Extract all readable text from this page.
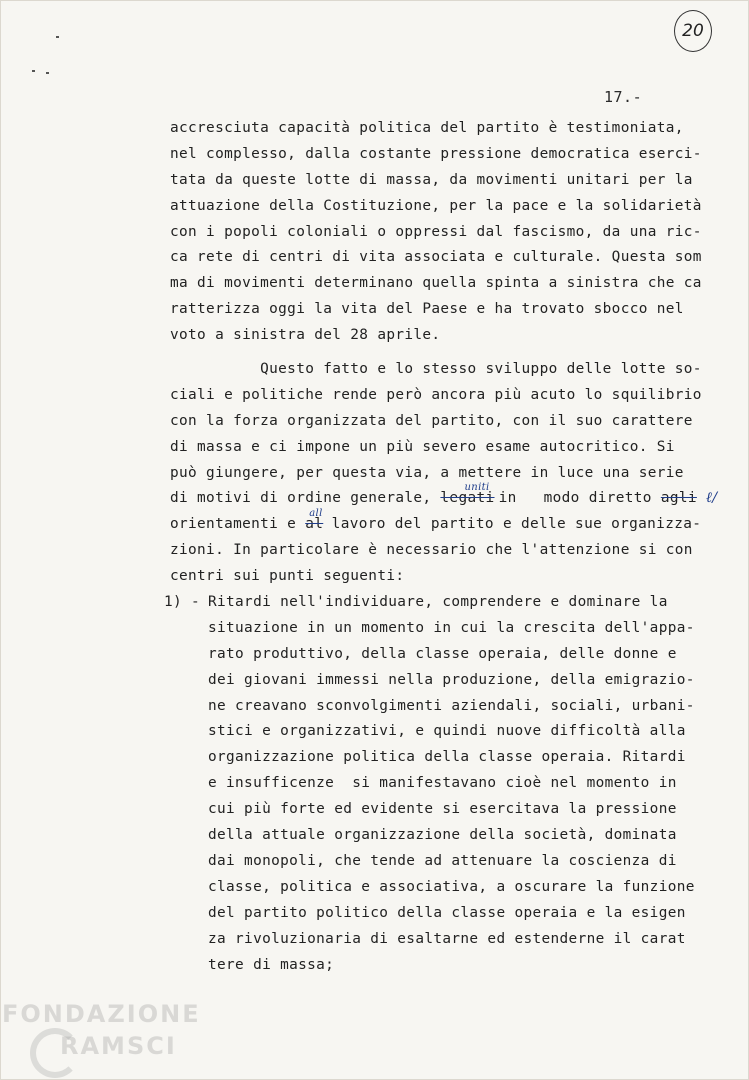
20
17.-
accresciuta capacità politica del partito è testimoniata,
nel complesso, dalla costante pressione democratica eserci-
tata da queste lotte di massa, da movimenti unitari per la
attuazione della Costituzione, per la pace e la solidarietà
con i popoli coloniali o oppressi dal fascismo, da una ric-
ca rete di centri di vita associata e culturale. Questa som
ma di movimenti determinano quella spinta a sinistra che ca
ratterizza oggi la vita del Paese e ha trovato sbocco nel
voto a sinistra del 28 aprile.
Questo fatto e lo stesso sviluppo delle lotte so-
ciali e politiche rende però ancora più acuto lo squilibrio
con la forza organizzata del partito, con il suo carattere
di massa e ci impone un più severo esame autocritico. Si
può giungere, per questa via, a mettere in luce una serie
di motivi di ordine generale, legati$^{uniti}$ in   modo diretto agli ℓ/
orientamenti e $al^{all}$ lavoro del partito e delle sue organizza-
zioni. In particolare è necessario che l'attenzione si con
centri sui punti seguenti:
1) - Ritardi nell'individuare, comprendere e dominare la
situazione in un momento in cui la crescita dell'appa-
rato produttivo, della classe operaia, delle donne e
dei giovani immessi nella produzione, della emigrazio-
ne creavano sconvolgimenti aziendali, sociali, urbani-
stici e organizzativi, e quindi nuove difficoltà alla
organizzazione politica della classe operaia. Ritardi
e insufficenze  si manifestavano cioè nel momento in
cui più forte ed evidente si esercitava la pressione
della attuale organizzazione della società, dominata
dai monopoli, che tende ad attenuare la coscienza di
classe, politica e associativa, a oscurare la funzione
del partito politico della classe operaia e la esigen
za rivoluzionaria di esaltarne ed estenderne il carat
tere di massa;
FONDAZIONE
RAMSCI
